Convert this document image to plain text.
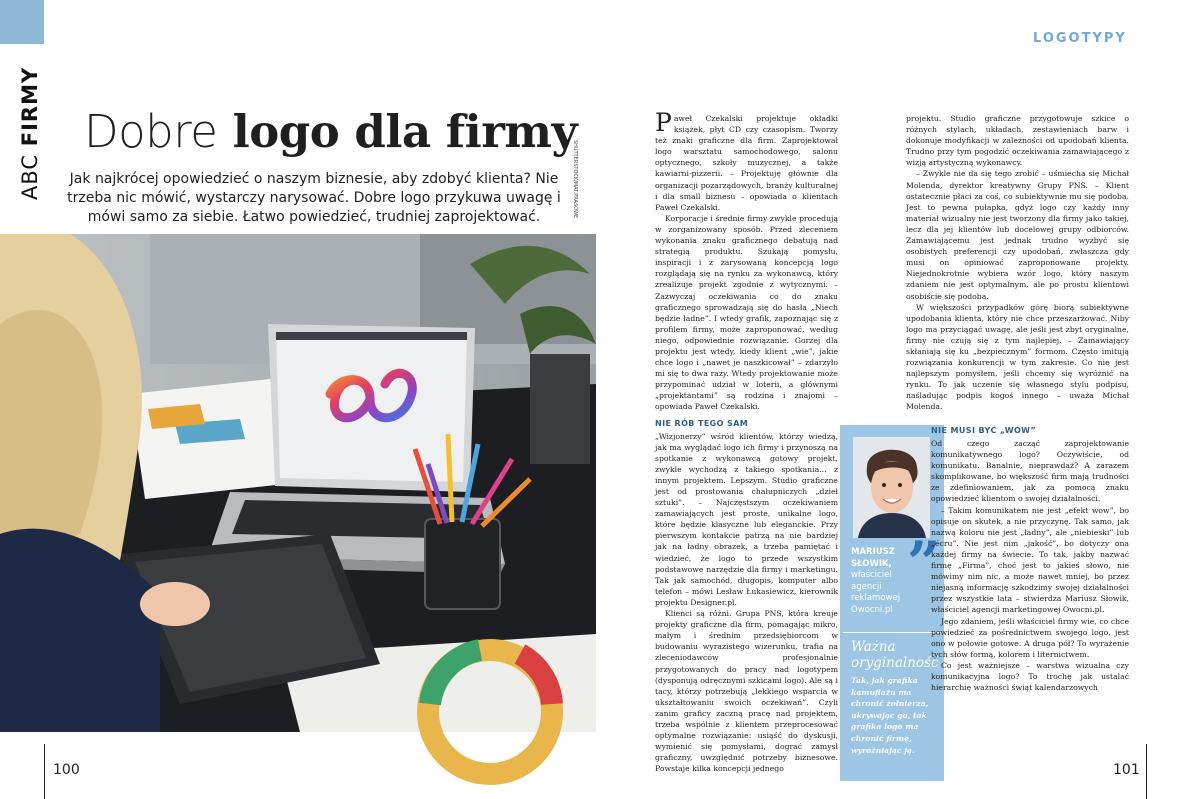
ABC FIRMY Dobre logo dla firmy

Jak najkrócej opowiedzieć o naszym biznesie, aby zdobyć klienta? Nie trzeba nic mówić, wystarczy narysować. Dobre logo przykuwa uwagę i mówi samo za siebie. Łatwo powiedzieć, trudniej zaprojektować.	SHUTTERSTOCK/MAT.PRASOWE
100
LOGOTYPY

Paweł Czekalski projektuje okładki książek, płyt CD czy czasopism. Tworzy też znaki graficzne dla firm. Zaprojektował logo warsztatu samochodowego, salonu optycznego, szkoły muzycznej, a także kawiarni-pizzerii. – Projektuję głównie dla organizacji pozarządowych, branży kulturalnej i dla small biznesu – opowiada o klientach Paweł Czekalski.

Korporacje i średnie firmy zwykle procedują w zorganizowany sposób. Przed zleceniem wykonania znaku graficznego debatują nad strategią produktu. Szukają pomysłu, inspiracji i z zarysowaną koncepcją logo rozglądają się na rynku za wykonawcą, który zrealizuje projekt zgodnie z wytycznymi. – Zazwyczaj oczekiwania co do znaku graficznego sprowadzają się do hasła „Niech będzie ładne”. I wtedy grafik, zapoznając się z profilem firmy, może zaproponować, według niego, odpowiednie rozwiązanie. Gorzej dla projektu jest wtedy, kiedy klient „wie”, jakie chce logo i „nawet je naszkicował” – zdarzyło mi się to dwa razy. Wtedy projektowanie może przypominać udział w loterii, a głównymi „projektantami” są rodzina i znajomi – opowiada Paweł Czekalski.

NIE RÓB TEGO SAM

„Wizjonerzy” wśród klientów, którzy wiedzą, jak ma wyglądać logo ich firmy i przynoszą na spotkanie z wykonawcą gotowy projekt, zwykle wychodzą z takiego spotkania… z innym projektem. Lepszym. Studio graficzne jest od prostowania chałupniczych „dzieł sztuki”. – Najczęstszym oczekiwaniem zamawiających jest proste, unikalne logo, które będzie klasyczne lub eleganckie. Przy pierwszym kontakcie patrzą na nie bardziej jak na ładny obrazek, a trzeba pamiętać i wiedzieć, że logo to przede wszystkim podstawowe narzędzie dla firmy i marketingu. Tak jak samochód, długopis, komputer albo telefon – mówi Lesław Łukasiewicz, kierownik projektu Designer.pl.

Klienci są różni. Grupa PNS, która kreuje projekty graficzne dla firm, pomagając mikro, małym i średnim przedsiębiorcom w budowaniu wyrazistego wizerunku, trafia na zleceniodawców profesjonalnie przygotowanych do pracy nad logotypem (dysponują odręcznymi szkicami logo). Ale są i tacy, którzy potrzebują „lekkiego wsparcia w ukształtowaniu swoich oczekiwań”. Czyli zanim graficy zaczną pracę nad projektem, trzeba wspólnie z klientem przeprocesować optymalne rozwiązanie: usiąść do dyskusji, wymienić się pomysłami, dograć zamysł graficzny, uwzględnić potrzeby biznesowe. Powstaje kilka koncepcji jednego

projektu. Studio graficzne przygotowuje szkice o różnych stylach, układach, zestawieniach barw i dokonuje modyfikacji w zależności od upodobań klienta. Trudno przy tym pogodzić oczekiwania zamawiającego z wizją artystyczną wykonawcy.

– Zwykle nie da się tego zrobić – uśmiecha się Michał Molenda, dyrektor kreatywny Grupy PNS. – Klient ostatecznie płaci za coś, co subiektywnie mu się podoba. Jest to pewna pułapka, gdyż logo czy każdy inny materiał wizualny nie jest tworzony dla firmy jako takiej, lecz dla jej klientów lub docelowej grupy odbiorców. Zamawiającemu jest jednak trudno wyzbyć się osobistych preferencji czy upodobań, zwłaszcza gdy musi on opiniować zaproponowane projekty. Niejednokrotnie wybiera wzór logo, który naszym zdaniem nie jest optymalnym, ale po prostu klientowi osobiście się podoba.

W większości przypadków górę biorą subiektywne upodobania klienta, który nie chce przeszarżować. Niby logo ma przyciągać uwagę, ale jeśli jest zbyt oryginalne, firmy nie czują się z tym najlepiej. – Zamawiający skłaniają się ku „bezpiecznym” formom. Często imitują rozwiązania konkurencji w tym zakresie. Co nie jest najlepszym pomysłem, jeśli chcemy się wyróżnić na rynku. To jak uczenie się własnego stylu podpisu, naśladując podpis kogoś innego – uważa Michał Molenda.

MARIUSZ SŁOWIK,
właściciel agencji reklamowej Owocni.pl
”
Ważna oryginalność
Tak, jak grafika kamuflażu ma chronić żołnierza, ukrywając go, tak grafika logo ma chronić firmę, wyróżniając ją.
NIE MUSI BYĆ „WOW”

Od czego zacząć zaprojektowanie komunikatywnego logo? Oczywiście, od komunikatu. Banalnie, nieprawdaż? A zarazem skomplikowane, bo większość firm mają trudności ze zdefiniowaniem, jak za pomocą znaku opowiedzieć klientom o swojej działalności.

– Takim komunikatem nie jest „efekt wow”, bo opisuje on skutek, a nie przyczynę. Tak samo, jak nazwą koloru nie jest „ładny”, ale „niebieski” lub „écru”. Nie jest nim „jakość”, bo dotyczy ona każdej firmy na świecie. To tak, jakby nazwać firmę „Firma”, choć jest to jakieś słowo, nie mówimy nim nic, a może nawet mniej, bo przez niejasną informację szkodzimy swojej działalności przez wszystkie lata – stwierdza Mariusz Słowik, właściciel agencji marketingowej Owocni.pl.

Jego zdaniem, jeśli właściciel firmy wie, co chce powiedzieć za pośrednictwem swojego logo, jest ono w połowie gotowe. A druga pół? To wyrażenie tych słów formą, kolorem i liternictwem.

Co jest ważniejsze – warstwa wizualna czy komunikacyjna logo? To trochę jak ustalać hierarchię ważności świąt kalendarzowych

101
